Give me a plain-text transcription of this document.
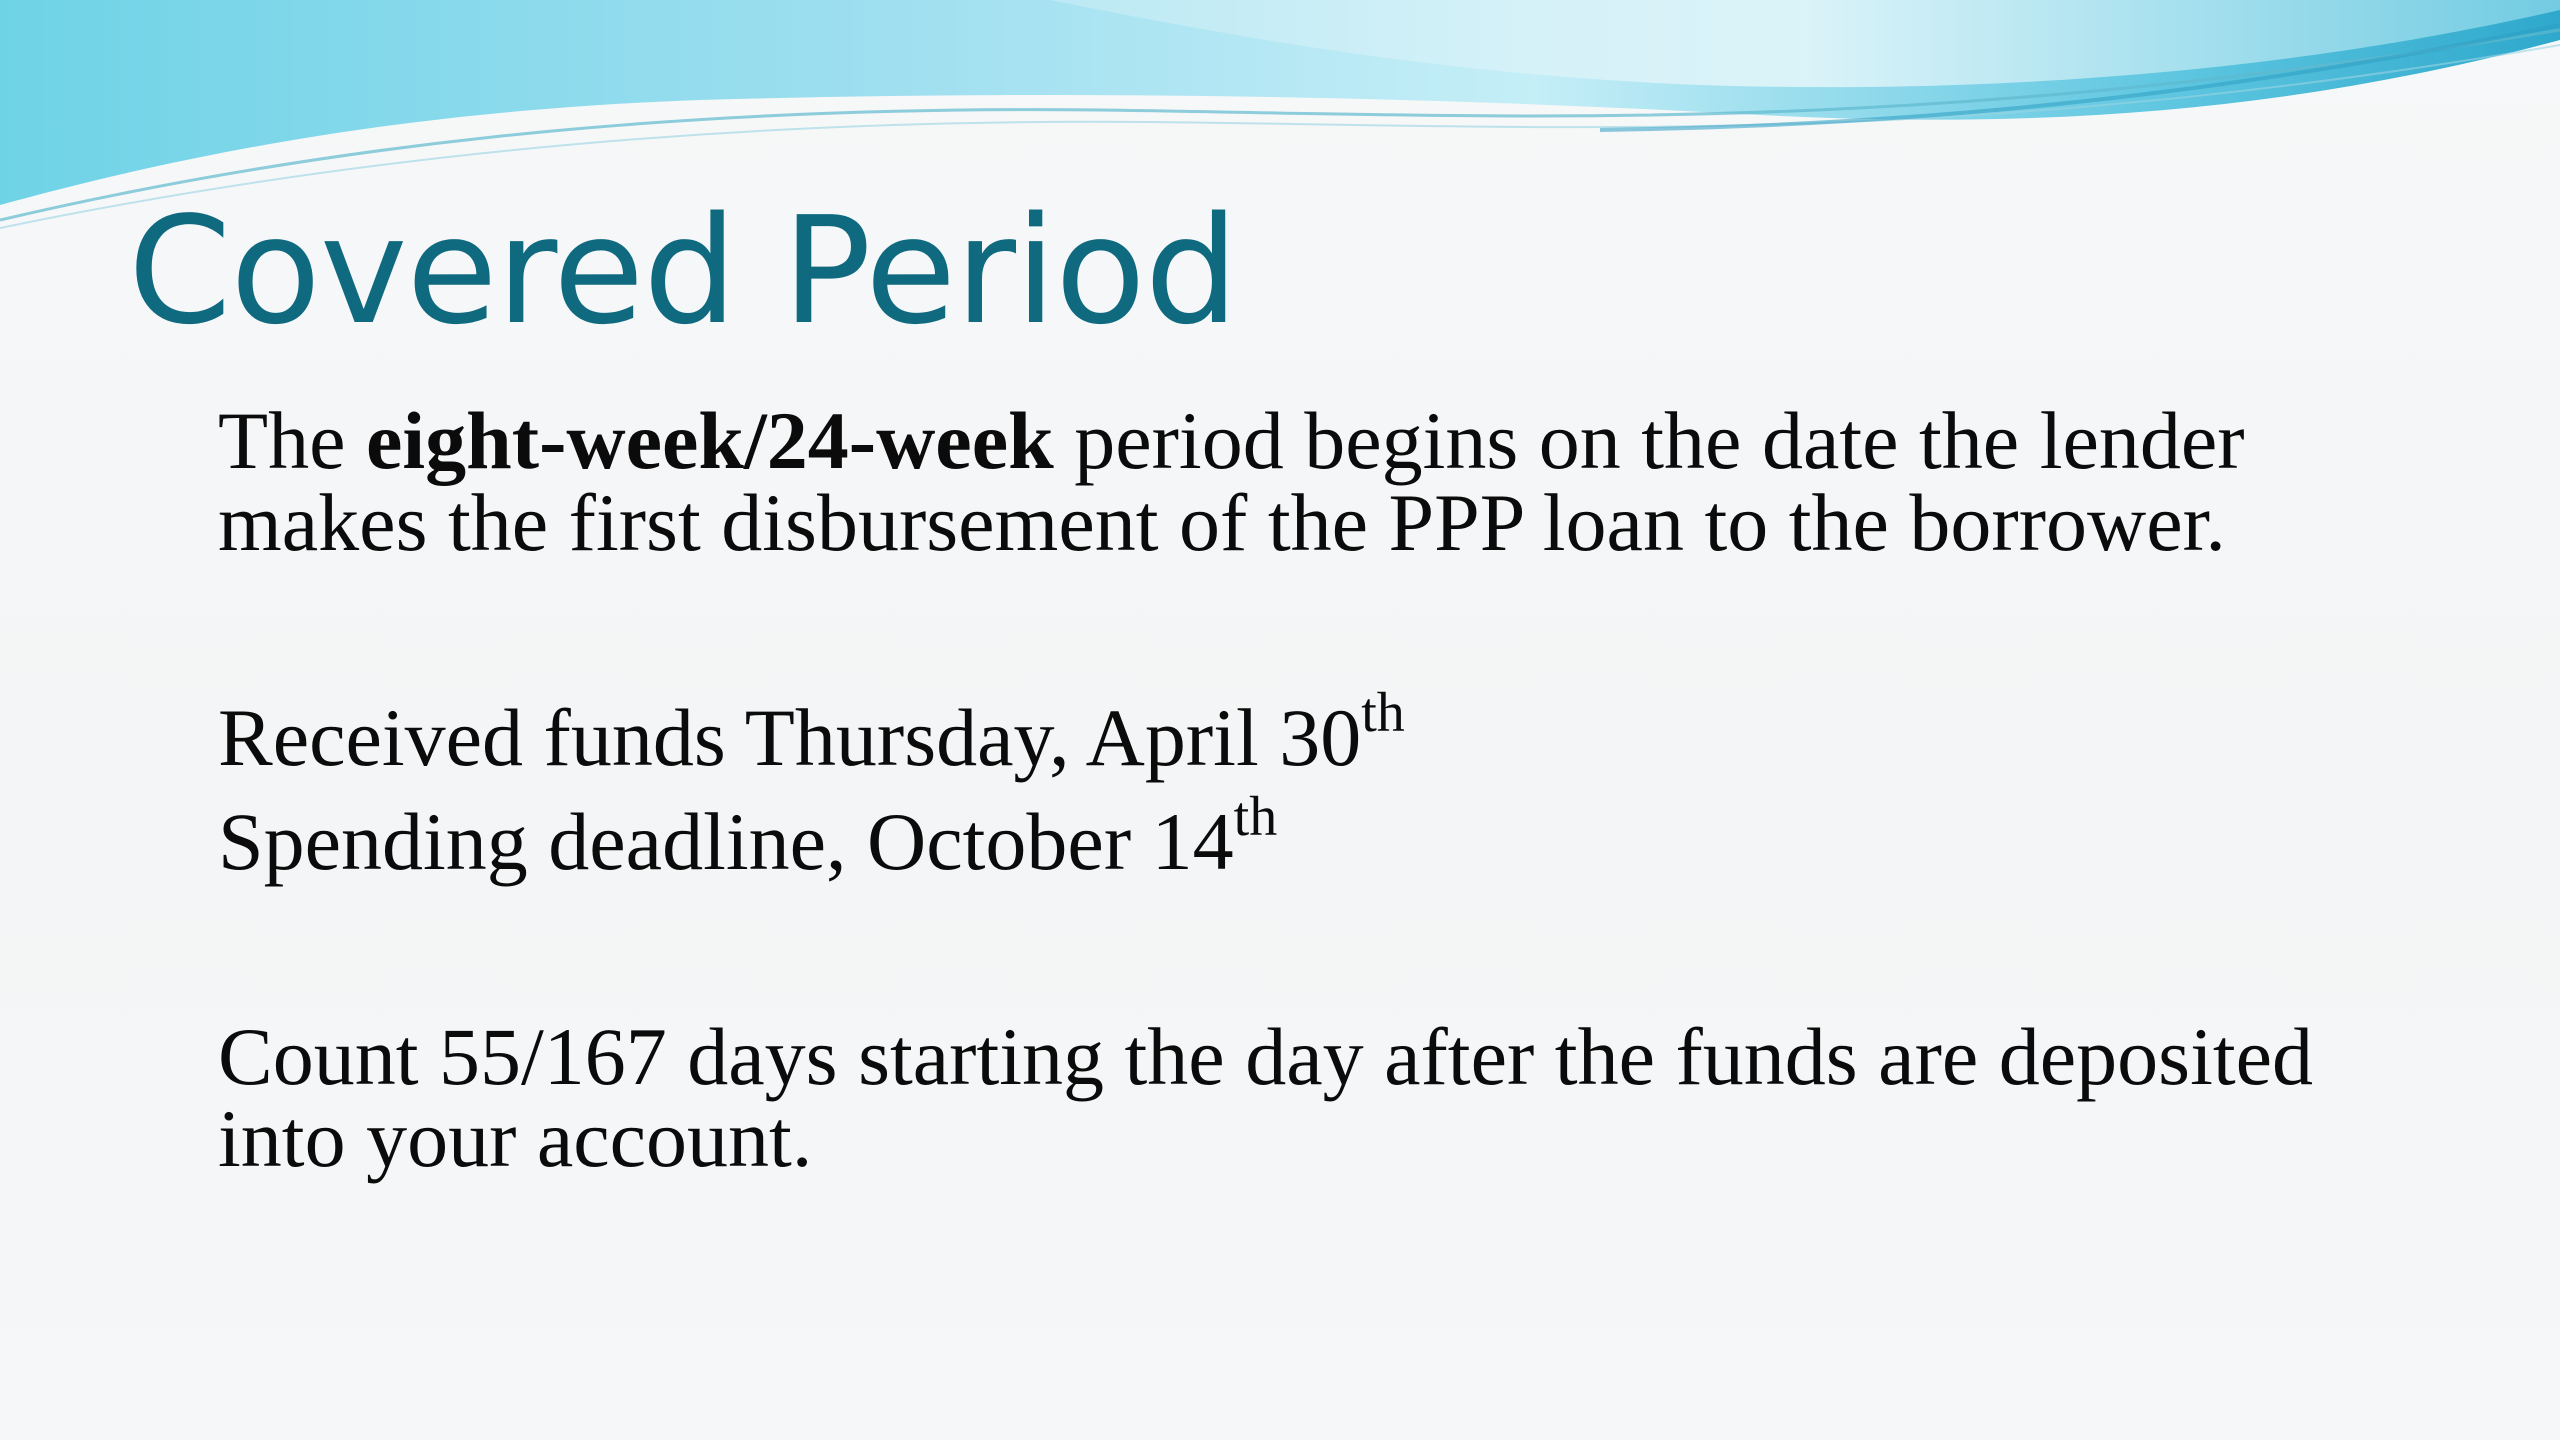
Covered Period

The eight-week/24-week period begins on the date the lender makes the first disbursement of the PPP loan to the borrower.

Received funds Thursday, April 30th

Spending deadline, October 14th

Count 55/167 days starting the day after the funds are deposited into your account.
